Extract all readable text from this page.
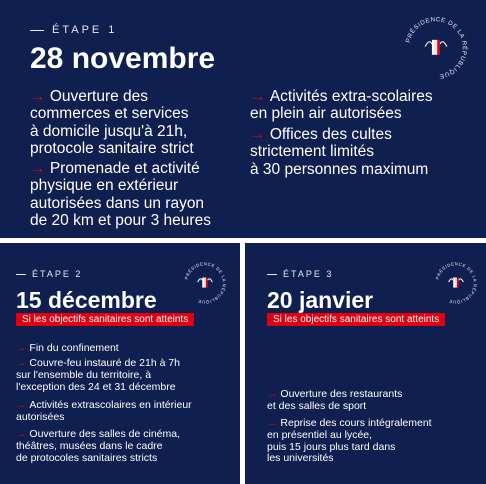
ÉTAPE 1
28 novembre
PRÉSIDENCE DE LA RÉPUBLIQUE
→ Ouverture des
commerces et services
à domicile jusqu'à 21h,
protocole sanitaire strict
→ Promenade et activité
physique en extérieur
autorisées dans un rayon
de 20 km et pour 3 heures
→ Activités extra-scolaires
en plein air autorisées
→ Offices des cultes
strictement limités
à 30 personnes maximum
ÉTAPE 2
15 décembre
Si les objectifs sanitaires sont atteints
PRÉSIDENCE DE LA RÉPUBLIQUE
→ Fin du confinement
→ Couvre-feu instauré de 21h à 7h
sur l'ensemble du territoire, à
l'exception des 24 et 31 décembre
→ Activités extrascolaires en intérieur
autorisées
→ Ouverture des salles de cinéma,
théâtres, musées dans le cadre
de protocoles sanitaires stricts
ÉTAPE 3
20 janvier
Si les objectifs sanitaires sont atteints
PRÉSIDENCE DE LA RÉPUBLIQUE
→ Ouverture des restaurants
et des salles de sport
→ Reprise des cours intégralement
en présentiel au lycée,
puis 15 jours plus tard dans
les universités
